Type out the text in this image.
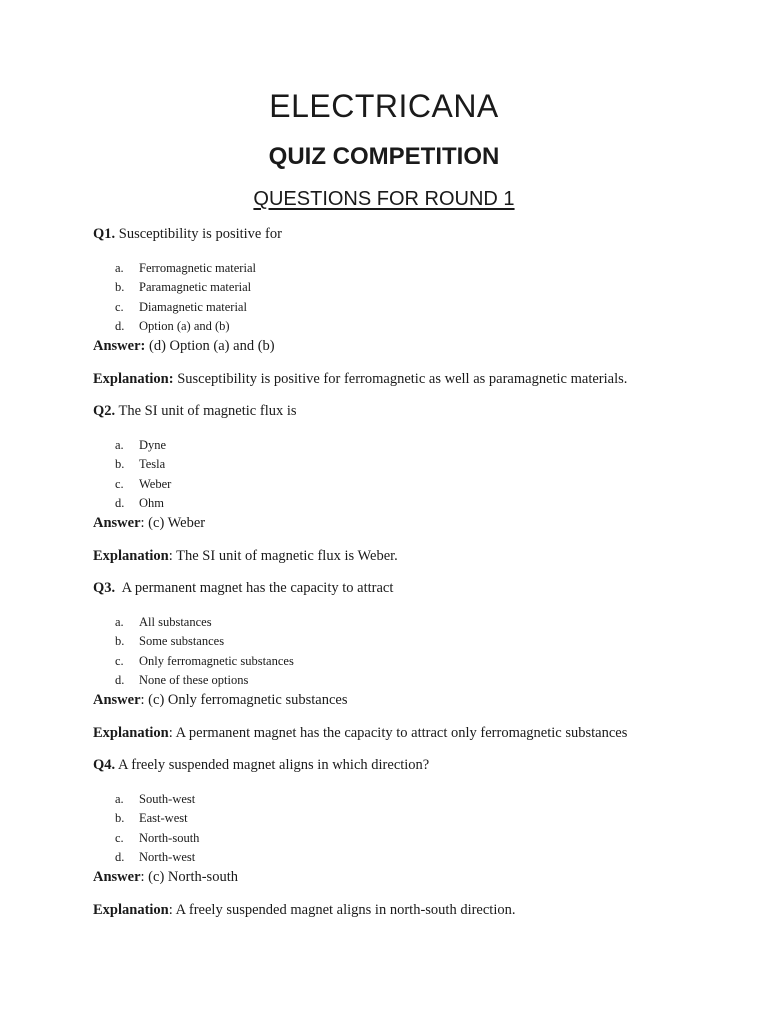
ELECTRICANA
QUIZ COMPETITION
QUESTIONS FOR ROUND 1
Q1. Susceptibility is positive for
a. Ferromagnetic material
b. Paramagnetic material
c. Diamagnetic material
d. Option (a) and (b)
Answer: (d) Option (a) and (b)
Explanation: Susceptibility is positive for ferromagnetic as well as paramagnetic materials.
Q2. The SI unit of magnetic flux is
a. Dyne
b. Tesla
c. Weber
d. Ohm
Answer: (c) Weber
Explanation: The SI unit of magnetic flux is Weber.
Q3.  A permanent magnet has the capacity to attract
a. All substances
b. Some substances
c. Only ferromagnetic substances
d. None of these options
Answer: (c) Only ferromagnetic substances
Explanation: A permanent magnet has the capacity to attract only ferromagnetic substances
Q4. A freely suspended magnet aligns in which direction?
a. South-west
b. East-west
c. North-south
d. North-west
Answer: (c) North-south
Explanation: A freely suspended magnet aligns in north-south direction.
